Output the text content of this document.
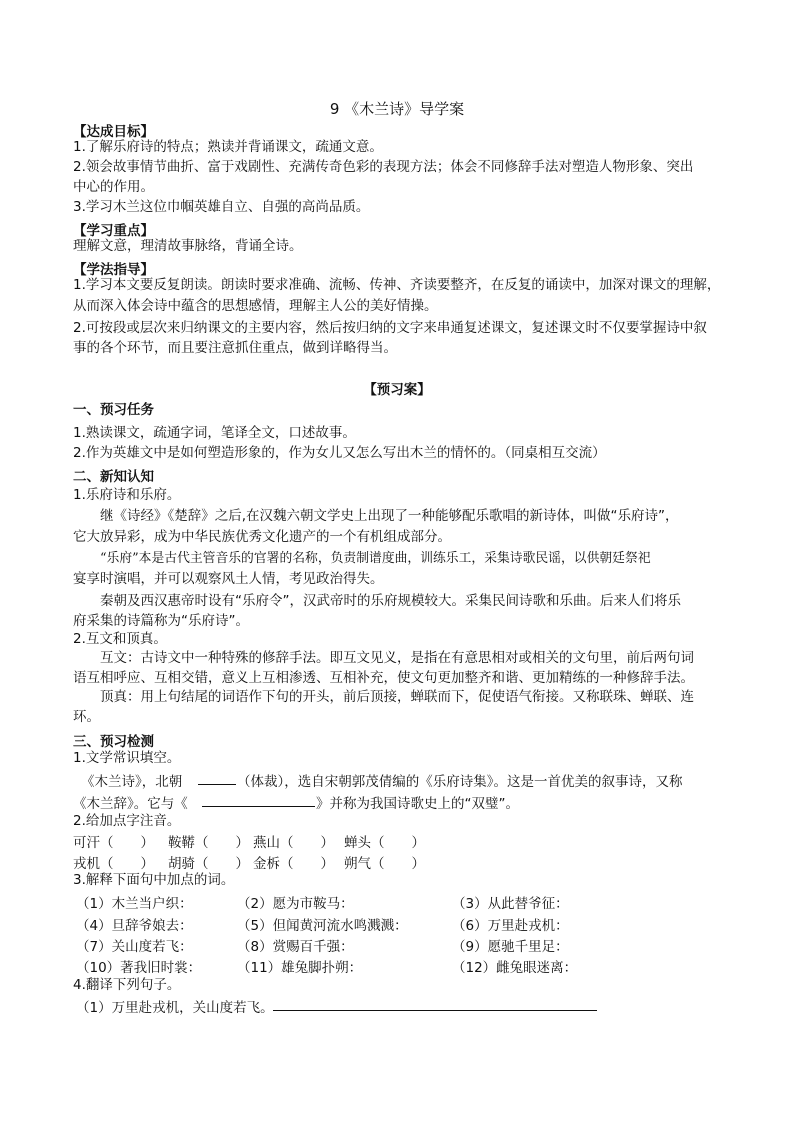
9 《木兰诗》导学案
【达成目标】
1.了解乐府诗的特点；熟读并背诵课文，疏通文意。
2.领会故事情节曲折、富于戏剧性、充满传奇色彩的表现方法；体会不同修辞手法对塑造人物形象、突出
中心的作用。
3.学习木兰这位巾帼英雄自立、自强的高尚品质。
【学习重点】
理解文意，理清故事脉络，背诵全诗。
【学法指导】
1.学习本文要反复朗读。朗读时要求准确、流畅、传神、齐读要整齐，在反复的诵读中，加深对课文的理解，
从而深入体会诗中蕴含的思想感情，理解主人公的美好情操。
2.可按段或层次来归纳课文的主要内容，然后按归纳的文字来串通复述课文，复述课文时不仅要掌握诗中叙
事的各个环节，而且要注意抓住重点，做到详略得当。
【预习案】
一、预习任务
1.熟读课文，疏通字词，笔译全文，口述故事。
2.作为英雄文中是如何塑造形象的，作为女儿又怎么写出木兰的情怀的。（同桌相互交流）
二、新知认知
1.乐府诗和乐府。
继《诗经》《楚辞》之后,在汉魏六朝文学史上出现了一种能够配乐歌唱的新诗体，叫做“乐府诗”，
它大放异彩，成为中华民族优秀文化遗产的一个有机组成部分。
“乐府”本是古代主管音乐的官署的名称，负责制谱度曲，训练乐工，采集诗歌民谣，以供朝廷祭祀
宴享时演唱，并可以观察风土人情，考见政治得失。
秦朝及西汉惠帝时设有“乐府令”，汉武帝时的乐府规模较大。采集民间诗歌和乐曲。后来人们将乐
府采集的诗篇称为“乐府诗”。
2.互文和顶真。
互文：古诗文中一种特殊的修辞手法。即互文见义，是指在有意思相对或相关的文句里，前后两句词
语互相呼应、互相交错，意义上互相渗透、互相补充，使文句更加整齐和谐、更加精练的一种修辞手法。
顶真：用上句结尾的词语作下句的开头，前后顶接，蝉联而下，促使语气衔接。又称联珠、蝉联、连
环。
三、预习检测
1.文学常识填空。
《木兰诗》，北朝	（体裁），选自宋朝郭茂倩编的《乐府诗集》。这是一首优美的叙事诗，又称
《木兰辞》。它与《	》并称为我国诗歌史上的“双璧”。
2.给加点字注音。
可汗（　　） 鞍鞯（　　） 燕山（　　） 蝉头（　　）
戎机（　　） 胡骑（　　） 金柝（　　） 朔气（　　）
3.解释下面句中加点的词。
（1）木兰当户织：	（2）愿为市鞍马：	（3）从此替爷征：
（4）旦辞爷娘去：	（5）但闻黄河流水鸣溅溅：	（6）万里赴戎机：
（7）关山度若飞：	（8）赏赐百千强：	（9）愿驰千里足：
（10）著我旧时裳：	（11）雄兔脚扑朔：	（12）雌兔眼迷离：
4.翻译下列句子。
（1）万里赴戎机，关山度若飞。
